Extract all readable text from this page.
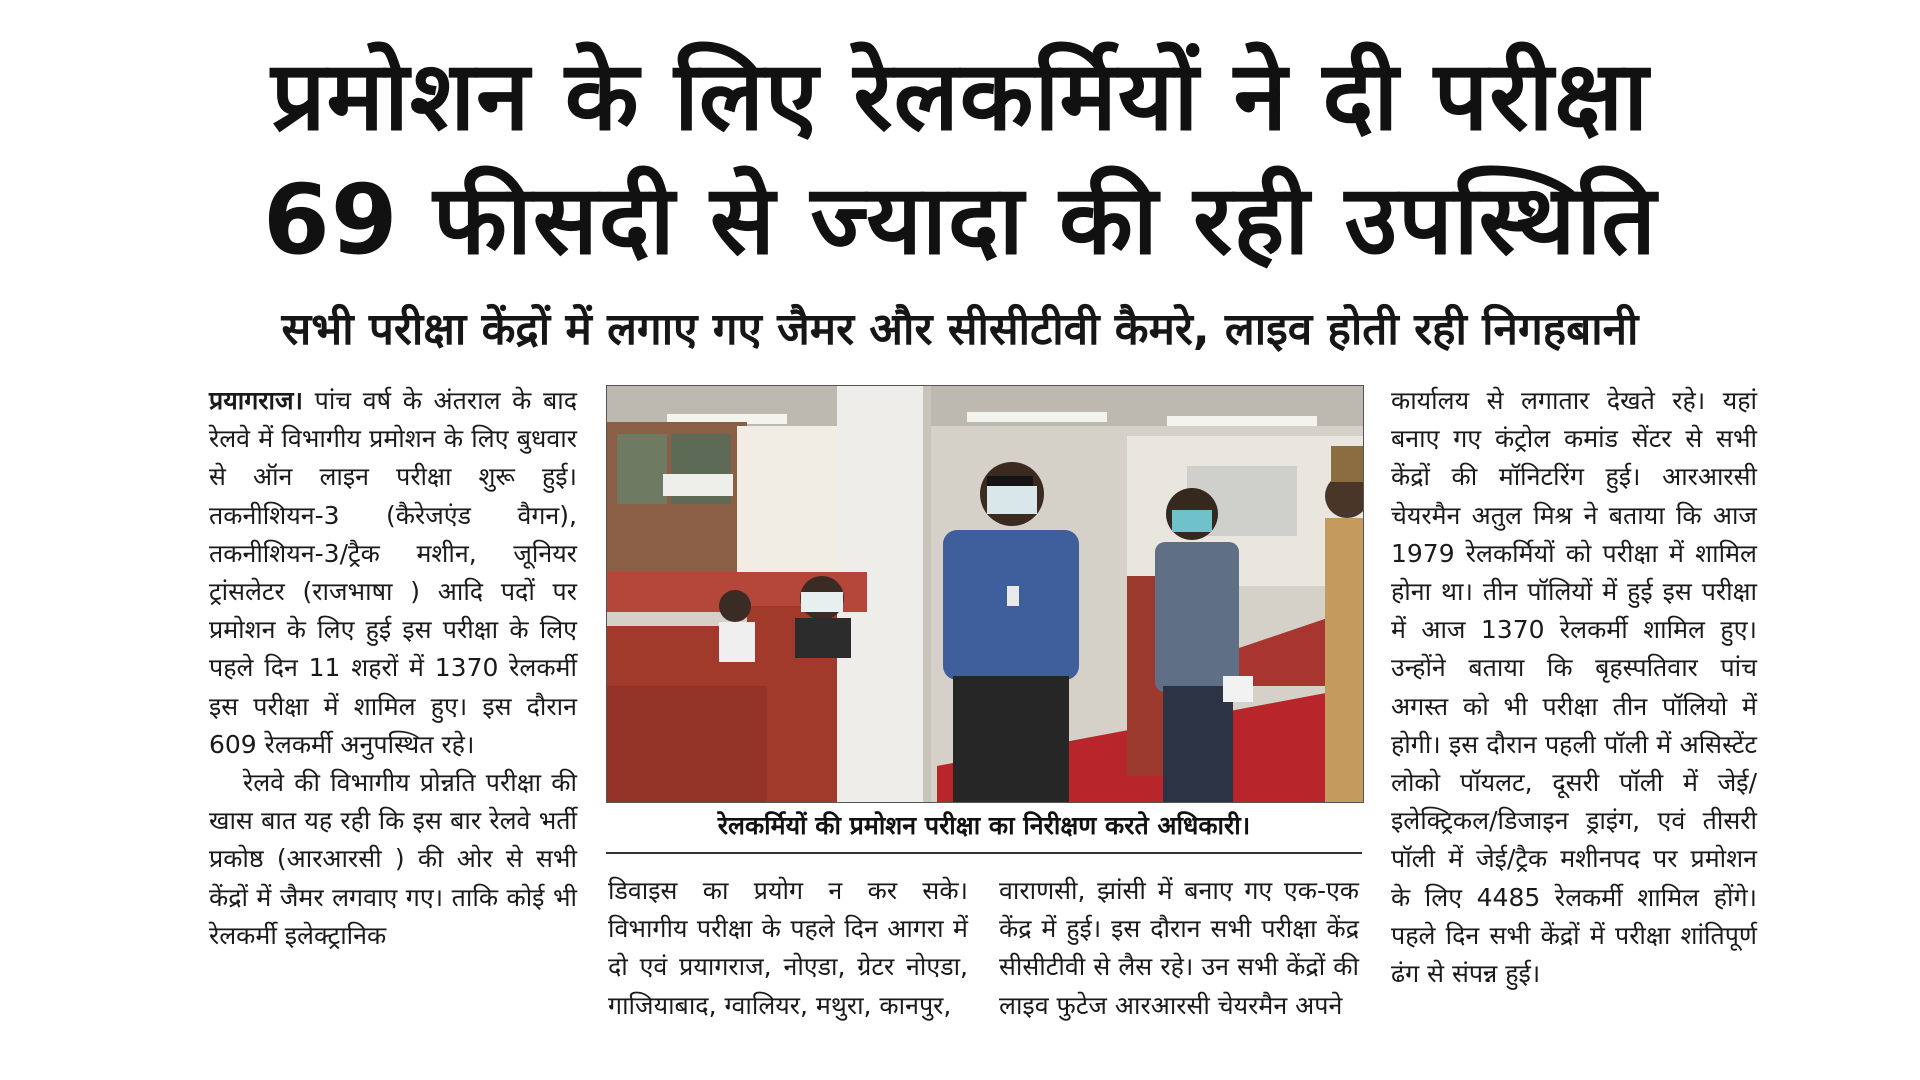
प्रमोशन के लिए रेलकर्मियों ने दी परीक्षा
69 फीसदी से ज्यादा की रही उपस्थिति
सभी परीक्षा केंद्रों में लगाए गए जैमर और सीसीटीवी कैमरे, लाइव होती रही निगहबानी

प्रयागराज। पांच वर्ष के अंतराल के बाद रेलवे में विभागीय प्रमोशन के लिए बुधवार से ऑन लाइन परीक्षा शुरू हुई। तकनीशियन-3 (कैरेजएंड वैगन), तकनीशियन-3/ट्रैक मशीन, जूनियर ट्रांसलेटर (राजभाषा ) आदि पदों पर प्रमोशन के लिए हुई इस परीक्षा के लिए पहले दिन 11 शहरों में 1370 रेलकर्मी इस परीक्षा में शामिल हुए। इस दौरान 609 रेलकर्मी अनुपस्थित रहे।

रेलवे की विभागीय प्रोन्नति परीक्षा की खास बात यह रही कि इस बार रेलवे भर्ती प्रकोष्ठ (आरआरसी ) की ओर से सभी केंद्रों में जैमर लगवाए गए। ताकि कोई भी रेलकर्मी इलेक्ट्रानिक

रेलकर्मियों की प्रमोशन परीक्षा का निरीक्षण करते अधिकारी।

डिवाइस का प्रयोग न कर सके। विभागीय परीक्षा के पहले दिन आगरा में दो एवं प्रयागराज, नोएडा, ग्रेटर नोएडा, गाजियाबाद, ग्वालियर, मथुरा, कानपुर,

वाराणसी, झांसी में बनाए गए एक-एक केंद्र में हुई। इस दौरान सभी परीक्षा केंद्र सीसीटीवी से लैस रहे। उन सभी केंद्रों की लाइव फुटेज आरआरसी चेयरमैन अपने

कार्यालय से लगातार देखते रहे। यहां बनाए गए कंट्रोल कमांड सेंटर से सभी केंद्रों की मॉनिटरिंग हुई। आरआरसी चेयरमैन अतुल मिश्र ने बताया कि आज 1979 रेलकर्मियों को परीक्षा में शामिल होना था। तीन पॉलियों में हुई इस परीक्षा में आज 1370 रेलकर्मी शामिल हुए। उन्होंने बताया कि बृहस्पतिवार पांच अगस्त को भी परीक्षा तीन पॉलियो में होगी। इस दौरान पहली पॉली में असिस्टेंट लोको पॉयलट, दूसरी पॉली में जेई/इलेक्ट्रिकल/डिजाइन ड्राइंग, एवं तीसरी पॉली में जेई/ट्रैक मशीनपद पर प्रमोशन के लिए 4485 रेलकर्मी शामिल होंगे। पहले दिन सभी केंद्रों में परीक्षा शांतिपूर्ण ढंग से संपन्न हुई।
